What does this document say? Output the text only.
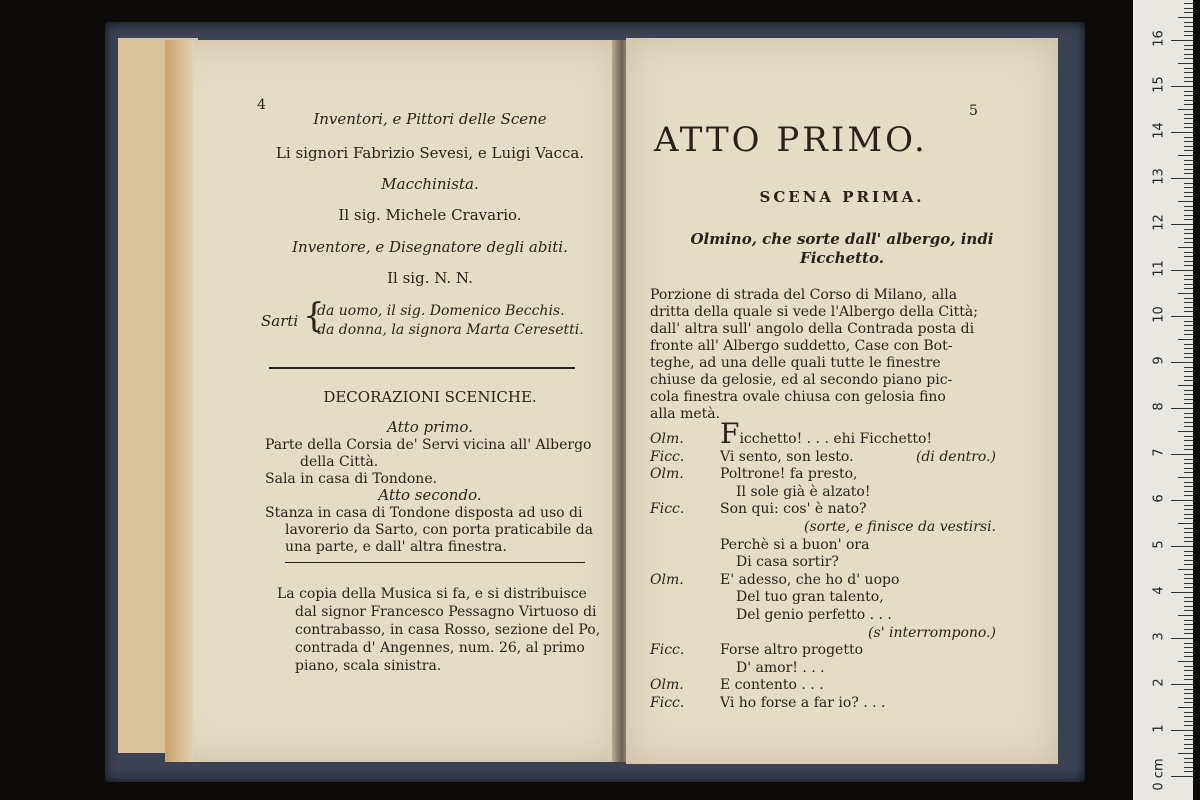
4
Inventori, e Pittori delle Scene
Li signori Fabrizio Sevesi, e Luigi Vacca.
Macchinista.
Il sig. Michele Cravario.
Inventore, e Disegnatore degli abiti.
Il sig. N. N.
Sarti {
da uomo, il sig. Domenico Becchis.
da donna, la signora Marta Ceresetti.
DECORAZIONI SCENICHE.
Atto primo.
Parte della Corsia de' Servi vicina all' Albergo
della Città.
Sala in casa di Tondone.
Atto secondo.
Stanza in casa di Tondone disposta ad uso di
lavorerio da Sarto, con porta praticabile da
una parte, e dall' altra finestra.
La copia della Musica si fa, e si distribuisce
dal signor Francesco Pessagno Virtuoso di
contrabasso, in casa Rosso, sezione del Po,
contrada d' Angennes, num. 26, al primo
piano, scala sinistra.
5
ATTO PRIMO.
SCENA PRIMA.
Olmino, che sorte dall' albergo, indi
Ficchetto.
Porzione di strada del Corso di Milano, alla
dritta della quale si vede l'Albergo della Città;
dall' altra sull' angolo della Contrada posta di
fronte all' Albergo suddetto, Case con Bot-
teghe, ad una delle quali tutte le finestre
chiuse da gelosie, ed al secondo piano pic-
cola finestra ovale chiusa con gelosia fino
alla metà.
Olm. Ficchetto! . . . ehi Ficchetto!
Ficc.	Vi sento, son lesto.	(di dentro.)
Olm.	Poltrone! fa presto,
Il sole già è alzato!
Ficc.	Son qui: cos' è nato?
(sorte, e finisce da vestirsi.
Perchè si a buon' ora
Di casa sortir?
Olm.	E' adesso, che ho d' uopo
Del tuo gran talento,
Del genio perfetto . . .
(s' interrompono.)
Ficc.	Forse altro progetto
D' amor! . . .
Olm.	E contento . . .
Ficc.	Vi ho forse a far io? . . .
16
15
14
13
12
11
10
9
8
7
6
5
4
3
2
1
0 cm
